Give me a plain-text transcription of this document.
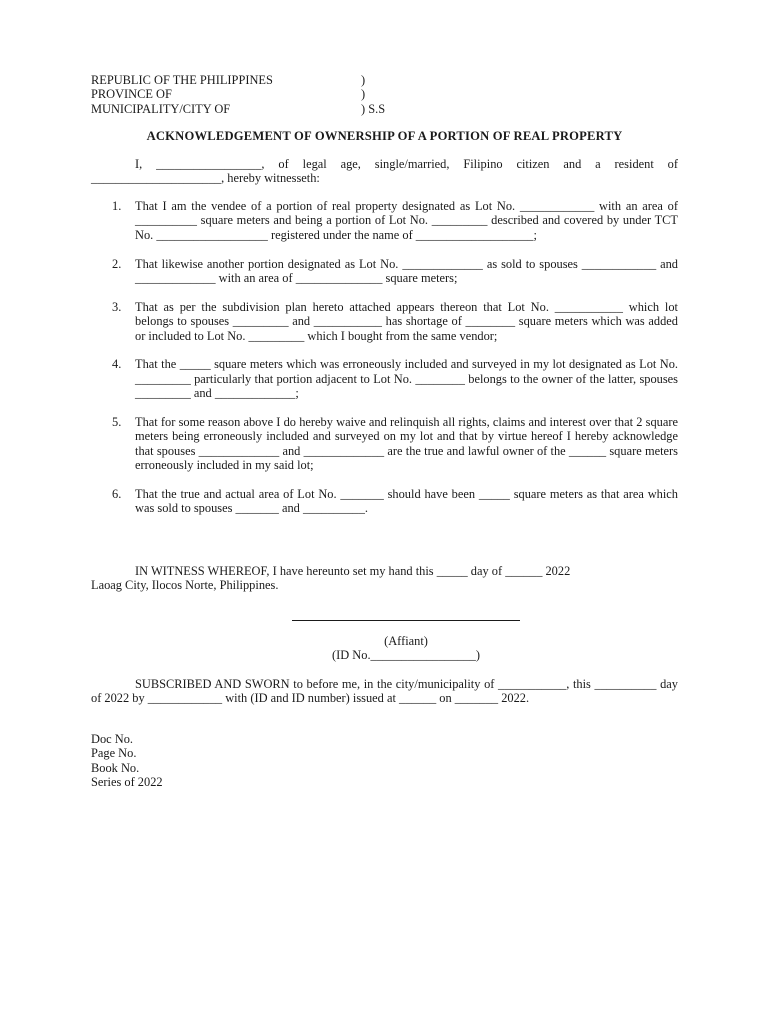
REPUBLIC OF THE PHILIPPINES	)
PROVINCE OF	)
MUNICIPALITY/CITY OF	) S.S
ACKNOWLEDGEMENT OF OWNERSHIP OF A PORTION OF REAL PROPERTY
I, _________________, of legal age, single/married, Filipino citizen and a resident of _____________________, hereby witnesseth:
1. That I am the vendee of a portion of real property designated as Lot No. ____________ with an area of __________ square meters and being a portion of Lot No. _________ described and covered by under TCT No. __________________ registered under the name of ___________________;
2. That likewise another portion designated as Lot No. _____________ as sold to spouses ____________ and _____________ with an area of ______________ square meters;
3. That as per the subdivision plan hereto attached appears thereon that Lot No. ___________ which lot belongs to spouses _________ and ___________ has shortage of ________ square meters which was added or included to Lot No. _________ which I bought from the same vendor;
4. That the _____ square meters which was erroneously included and surveyed in my lot designated as Lot No. _________ particularly that portion adjacent to Lot No. ________ belongs to the owner of the latter, spouses _________ and _____________;
5. That for some reason above I do hereby waive and relinquish all rights, claims and interest over that 2 square meters being erroneously included and surveyed on my lot and that by virtue hereof I hereby acknowledge that spouses _____________ and _____________ are the true and lawful owner of the ______ square meters erroneously included in my said lot;
6. That the true and actual area of Lot No. _______ should have been _____ square meters as that area which was sold to spouses _______ and __________.
IN WITNESS WHEREOF, I have hereunto set my hand this _____ day of ______ 2022
Laoag City, Ilocos Norte, Philippines.
(Affiant)
(ID No._________________)
SUBSCRIBED AND SWORN to before me, in the city/municipality of ___________, this __________ day of 2022 by ____________ with (ID and ID number) issued at ______ on _______ 2022.
Doc No.
Page No.
Book No.
Series of 2022
